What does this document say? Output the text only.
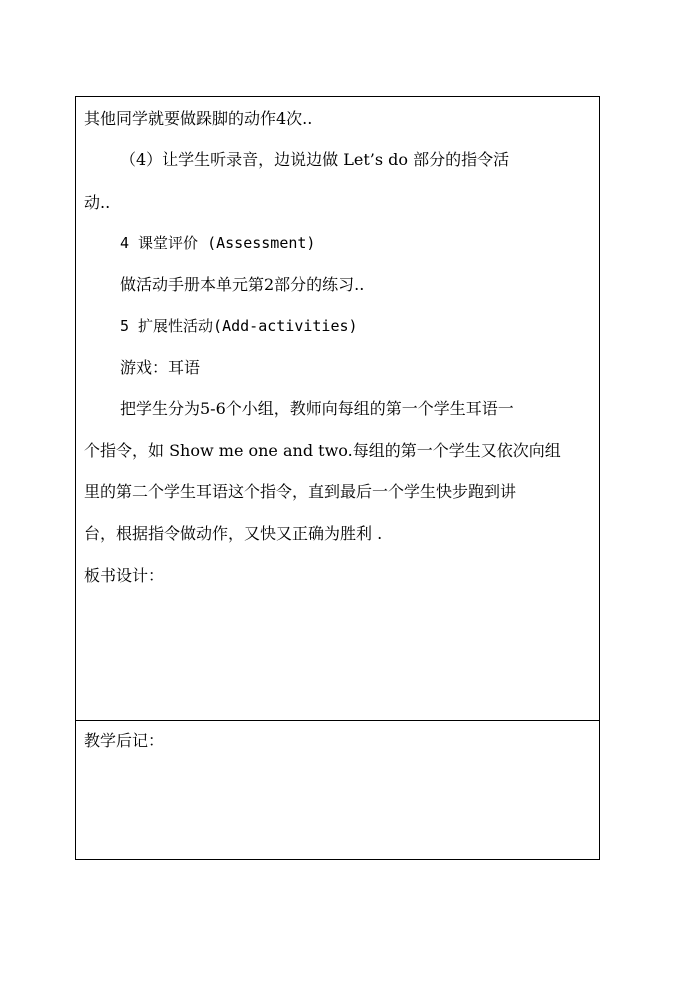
其他同学就要做跺脚的动作4次..
（4）让学生听录音，边说边做 Let’s do 部分的指令活
动..
4 课堂评价 (Assessment)
做活动手册本单元第2部分的练习..
5 扩展性活动(Add-activities)
游戏：耳语
把学生分为5-6个小组，教师向每组的第一个学生耳语一
个指令，如 Show me one and two.每组的第一个学生又依次向组
里的第二个学生耳语这个指令，直到最后一个学生快步跑到讲
台，根据指令做动作，又快又正确为胜利 .
板书设计：
教学后记：
